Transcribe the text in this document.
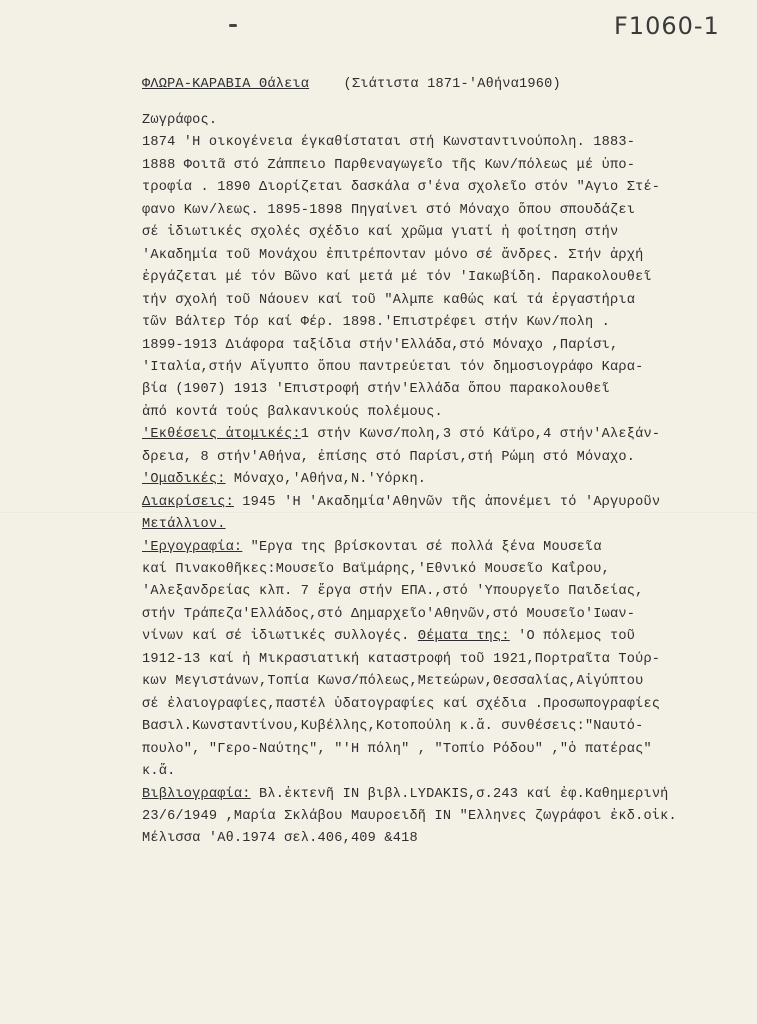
F1060-1
ΦΛΩΡΑ-ΚΑΡΑΒΙΑ Θάλεια	(Σιάτιστα 1871-'Αθήνα1960)
Ζωγράφος.
1874 'Η οικογένεια έγκαθίσταται στή Κωνσταντινούπολη. 1883-
1888 Φοιτᾶ στό Ζάππειο Παρθεναγωγεῖο τῆς Κων/πόλεως μέ ὑπο-
τροφία . 1890 Διορίζεται δασκάλα σ'ένα σχολεῖο στόν "Αγιο Στέ-
φανο Κων/λεως. 1895-1898 Πηγαίνει στό Μόναχο ὅπου σπουδάζει
σέ ἰδιωτικές σχολές σχέδιο καί χρῶμα γιατί ἡ φοίτηση στήν
'Ακαδημία τοῦ Μονάχου ἐπιτρέπονταν μόνο σέ ἄνδρες. Στήν ἀρχή
ἐργάζεται μέ τόν Βῶνο καί μετά μέ τόν 'Ιακωβίδη. Παρακολουθεῖ
τήν σχολή τοῦ Νάουεν καί τοῦ "Αλμπε καθώς καί τά ἐργαστήρια
τῶν Βάλτερ Τόρ καί Φέρ. 1898.'Επιστρέφει στήν Κων/πολη .
1899-1913 Διάφορα ταξίδια στήν'Ελλάδα,στό Μόναχο ,Παρίσι,
'Ιταλία,στήν Αἴγυπτο ὅπου παντρεύεται τόν δημοσιογράφο Καρα-
βία (1907) 1913 'Επιστροφή στήν'Ελλάδα ὅπου παρακολουθεῖ
ἀπό κοντά τούς βαλκανικούς πολέμους.
'Εκθέσεις ἀτομικές:1 στήν Κωνσ/πολη,3 στό Κάϊρο,4 στήν'Αλεξάν-
δρεια, 8 στήν'Αθήνα, ἐπίσης στό Παρίσι,στή Ρώμη στό Μόναχο.
'Ομαδικές: Μόναχο,'Αθήνα,Ν.'Υόρκη.
Διακρίσεις: 1945 'Η 'Ακαδημία'Αθηνῶν τῆς ἀπονέμει τό 'Αργυροῦν
Μετάλλιον.
'Εργογραφία: "Εργα της βρίσκονται σέ πολλά ξένα Μουσεῖα
καί Πινακοθῆκες:Μουσεῖο Βαϊμάρης,'Εθνικό Μουσεῖο Καΐρου,
'Αλεξανδρείας κλπ. 7 ἔργα στήν ΕΠΑ.,στό 'Υπουργεῖο Παιδείας,
στήν Τράπεζα'Ελλάδος,στό Δημαρχεῖο'Αθηνῶν,στό Μουσεῖο'Ιωαν-
νίνων καί σέ ἰδιωτικές συλλογές. Θέματα της: 'Ο πόλεμος τοῦ
1912-13 καί ἡ Μικρασιατική καταστροφή τοῦ 1921,Πορτραῖτα Τούρ-
κων Μεγιστάνων,Τοπία Κωνσ/πόλεως,Μετεώρων,Θεσσαλίας,Αἰγύπτου
σέ ἐλαιογραφίες,παστέλ ὑδατογραφίες καί σχέδια .Προσωπογραφίες
Βασιλ.Κωνσταντίνου,Κυβέλλης,Κοτοπούλη κ.ἄ. συνθέσεις:"Ναυτό-
πουλο", "Γερο-Ναύτης", "'Η πόλη" , "Τοπίο Ρόδου" ,"ὁ πατέρας"
κ.ἄ.
Βιβλιογραφία: Βλ.ἐκτενῆ ΙΝ βιβλ.LYDAKIS,σ.243 καί ἐφ.Καθημερινή
23/6/1949 ,Μαρία Σκλάβου Μαυροειδῆ ΙΝ "Ελληνες ζωγράφοι ἐκδ.οἰκ.
Μέλισσα 'Αθ.1974 σελ.406,409 &418
